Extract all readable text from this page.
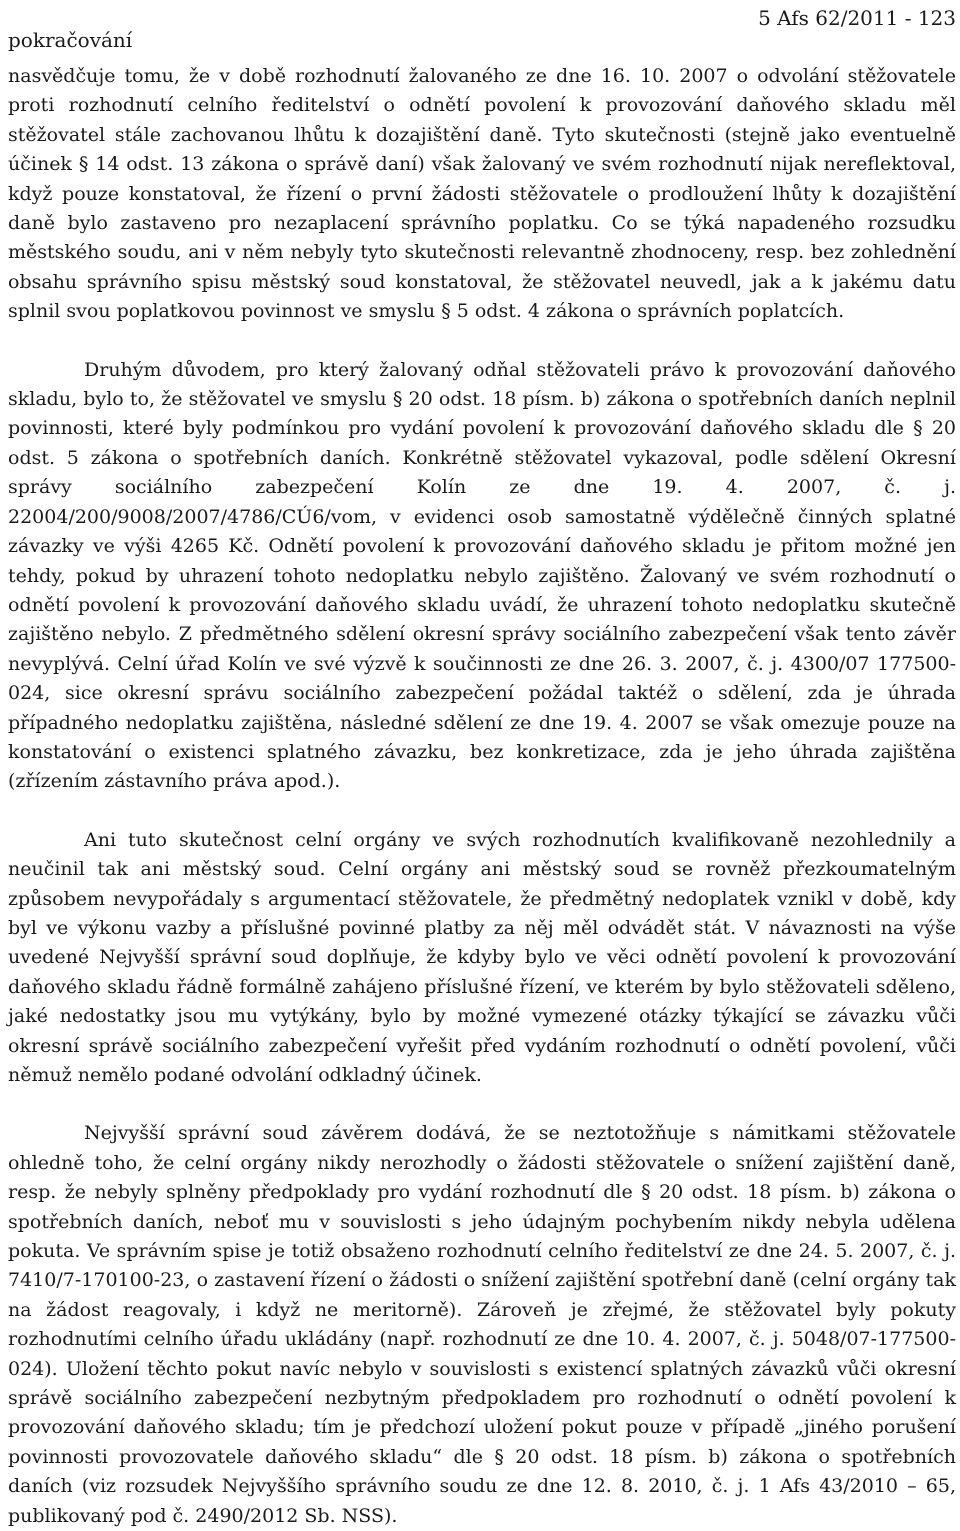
pokračování
5 Afs 62/2011 - 123

nasvědčuje tomu, že v době rozhodnutí žalovaného ze dne 16. 10. 2007 o odvolání stěžovatele proti rozhodnutí celního ředitelství o odnětí povolení k provozování daňového skladu měl stěžovatel stále zachovanou lhůtu k dozajištění daně. Tyto skutečnosti (stejně jako eventuelně účinek § 14 odst. 13 zákona o správě daní) však žalovaný ve svém rozhodnutí nijak nereflektoval, když pouze konstatoval, že řízení o první žádosti stěžovatele o prodloužení lhůty k dozajištění daně bylo zastaveno pro nezaplacení správního poplatku. Co se týká napadeného rozsudku městského soudu, ani v něm nebyly tyto skutečnosti relevantně zhodnoceny, resp. bez zohlednění obsahu správního spisu městský soud konstatoval, že stěžovatel neuvedl, jak a k jakému datu splnil svou poplatkovou povinnost ve smyslu § 5 odst. 4 zákona o správních poplatcích.

Druhým důvodem, pro který žalovaný odňal stěžovateli právo k provozování daňového skladu, bylo to, že stěžovatel ve smyslu § 20 odst. 18 písm. b) zákona o spotřebních daních neplnil povinnosti, které byly podmínkou pro vydání povolení k provozování daňového skladu dle § 20 odst. 5 zákona o spotřebních daních. Konkrétně stěžovatel vykazoval, podle sdělení Okresní správy sociálního zabezpečení Kolín ze dne 19. 4. 2007, č. j. 22004/200/9008/2007/4786/CÚ6/vom, v evidenci osob samostatně výdělečně činných splatné závazky ve výši 4265 Kč. Odnětí povolení k provozování daňového skladu je přitom možné jen tehdy, pokud by uhrazení tohoto nedoplatku nebylo zajištěno. Žalovaný ve svém rozhodnutí o odnětí povolení k provozování daňového skladu uvádí, že uhrazení tohoto nedoplatku skutečně zajištěno nebylo. Z předmětného sdělení okresní správy sociálního zabezpečení však tento závěr nevyplývá. Celní úřad Kolín ve své výzvě k součinnosti ze dne 26. 3. 2007, č. j. 4300/07 177500-024, sice okresní správu sociálního zabezpečení požádal taktéž o sdělení, zda je úhrada případného nedoplatku zajištěna, následné sdělení ze dne 19. 4. 2007 se však omezuje pouze na konstatování o existenci splatného závazku, bez konkretizace, zda je jeho úhrada zajištěna (zřízením zástavního práva apod.).

Ani tuto skutečnost celní orgány ve svých rozhodnutích kvalifikovaně nezohlednily a neučinil tak ani městský soud. Celní orgány ani městský soud se rovněž přezkoumatelným způsobem nevypořádaly s argumentací stěžovatele, že předmětný nedoplatek vznikl v době, kdy byl ve výkonu vazby a příslušné povinné platby za něj měl odvádět stát. V návaznosti na výše uvedené Nejvyšší správní soud doplňuje, že kdyby bylo ve věci odnětí povolení k provozování daňového skladu řádně formálně zahájeno příslušné řízení, ve kterém by bylo stěžovateli sděleno, jaké nedostatky jsou mu vytýkány, bylo by možné vymezené otázky týkající se závazku vůči okresní správě sociálního zabezpečení vyřešit před vydáním rozhodnutí o odnětí povolení, vůči němuž nemělo podané odvolání odkladný účinek.

Nejvyšší správní soud závěrem dodává, že se neztotožňuje s námitkami stěžovatele ohledně toho, že celní orgány nikdy nerozhodly o žádosti stěžovatele o snížení zajištění daně, resp. že nebyly splněny předpoklady pro vydání rozhodnutí dle § 20 odst. 18 písm. b) zákona o spotřebních daních, neboť mu v souvislosti s jeho údajným pochybením nikdy nebyla udělena pokuta. Ve správním spise je totiž obsaženo rozhodnutí celního ředitelství ze dne 24. 5. 2007, č. j. 7410/7-170100-23, o zastavení řízení o žádosti o snížení zajištění spotřební daně (celní orgány tak na žádost reagovaly, i když ne meritorně). Zároveň je zřejmé, že stěžovatel byly pokuty rozhodnutími celního úřadu ukládány (např. rozhodnutí ze dne 10. 4. 2007, č. j. 5048/07-177500-024). Uložení těchto pokut navíc nebylo v souvislosti s existencí splatných závazků vůči okresní správě sociálního zabezpečení nezbytným předpokladem pro rozhodnutí o odnětí povolení k provozování daňového skladu; tím je předchozí uložení pokut pouze v případě „jiného porušení povinnosti provozovatele daňového skladu“ dle § 20 odst. 18 písm. b) zákona o spotřebních daních (viz rozsudek Nejvyššího správního soudu ze dne 12. 8. 2010, č. j. 1 Afs 43/2010 – 65, publikovaný pod č. 2490/2012 Sb. NSS).
